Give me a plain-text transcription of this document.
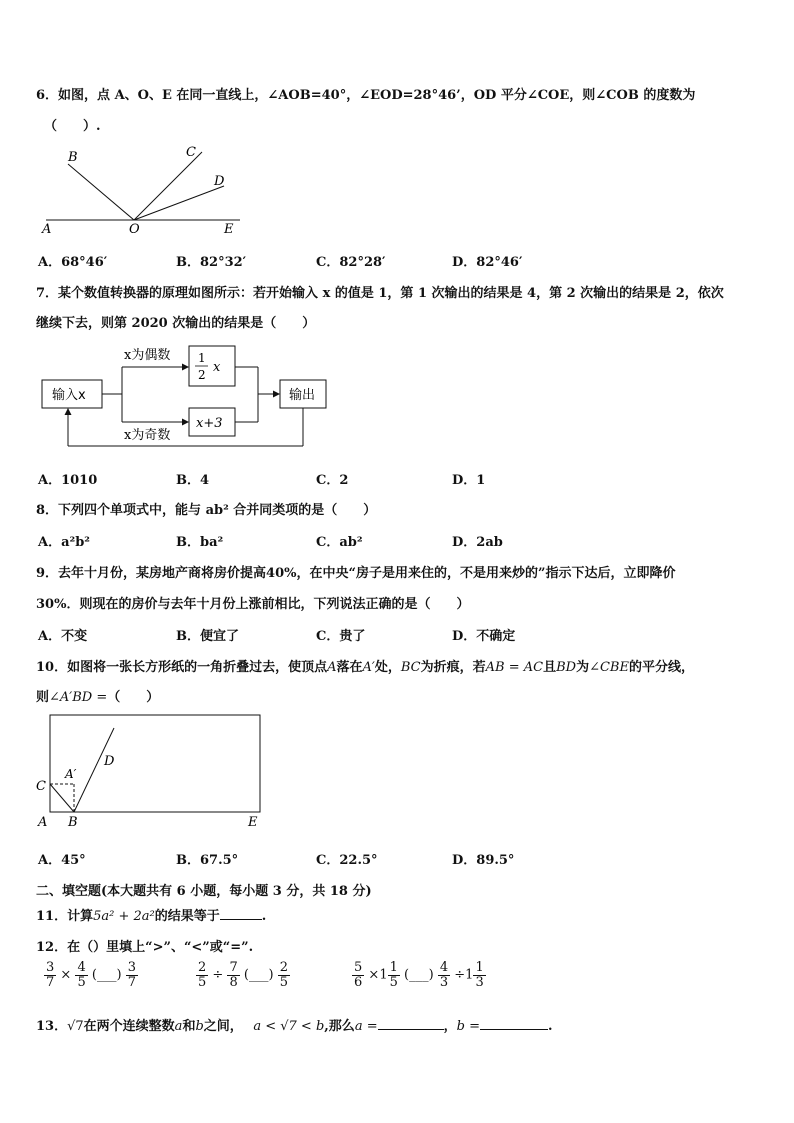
6．如图，点 A、O、E 在同一直线上，∠AOB=40°，∠EOD=28°46’，OD 平分∠COE，则∠COB 的度数为
（　　）.
A
B	C
D
E
O
A．68°46′	B．82°32′	C．82°28′	D．82°46′
7．某个数值转换器的原理如图所示：若开始输入 x 的值是 1，第 1 次输出的结果是 4，第 2 次输出的结果是 2，依次
继续下去，则第 2020 次输出的结果是（　　）
输入x
x为偶数
x为奇数
1
2 x
x+3
输出
A．1010	B．4	C．2	D．1
8．下列四个单项式中，能与 ab² 合并同类项的是（　　）
A．a²b²	B．ba²	C．ab²	D．2ab
9．去年十月份，某房地产商将房价提高40%，在中央“房子是用来住的，不是用来炒的”指示下达后，立即降价
30%．则现在的房价与去年十月份上涨前相比，下列说法正确的是（　　）
A．不变	B．便宜了	C．贵了	D．不确定
10．如图将一张长方形纸的一角折叠过去，使顶点A落在A′处，BC为折痕，若AB = AC且BD为∠CBE的平分线，
则∠A′BD =（　　）
C
A B
D
E
A′
A．45°	B．67.5°	C．22.5°	D．89.5°
二、填空题(本大题共有 6 小题，每小题 3 分，共 18 分)
11．计算5a² + 2a²的结果等于	.
12．在（）里填上“>”、“<”或“=”.
$\frac{3}{7} \times \frac{4}{5}$ (___) $\frac{3}{7}$	$\frac{2}{5} \div \frac{7}{8}$ (___) $\frac{2}{5}$	$\frac{5}{6} \times 1 \frac{1}{5}$ (___) $\frac{4}{3} \div 1 \frac{1}{3}$
13．√7在两个连续整数a和b之间， a < √7 < b,那么a =	，b =	.
